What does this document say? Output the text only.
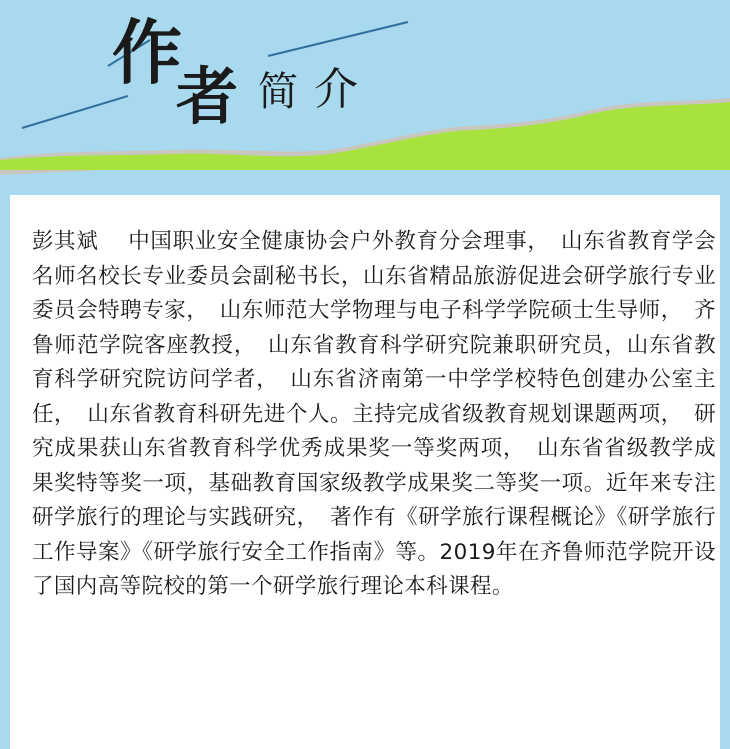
作
者 简 介

彭其斌　 中国职业安全健康协会户外教育分会理事，　山东省教育学会名师名校长专业委员会副秘书长，山东省精品旅游促进会研学旅行专业委员会特聘专家，　山东师范大学物理与电子科学学院硕士生导师，　齐鲁师范学院客座教授，　山东省教育科学研究院兼职研究员，山东省教育科学研究院访问学者，　山东省济南第一中学学校特色创建办公室主任，　山东省教育科研先进个人。主持完成省级教育规划课题两项，　研究成果获山东省教育科学优秀成果奖一等奖两项，　山东省省级教学成果奖特等奖一项，基础教育国家级教学成果奖二等奖一项。近年来专注研学旅行的理论与实践研究，　著作有《研学旅行课程概论》《研学旅行工作导案》《研学旅行安全工作指南》等。2019年在齐鲁师范学院开设了国内高等院校的第一个研学旅行理论本科课程。
